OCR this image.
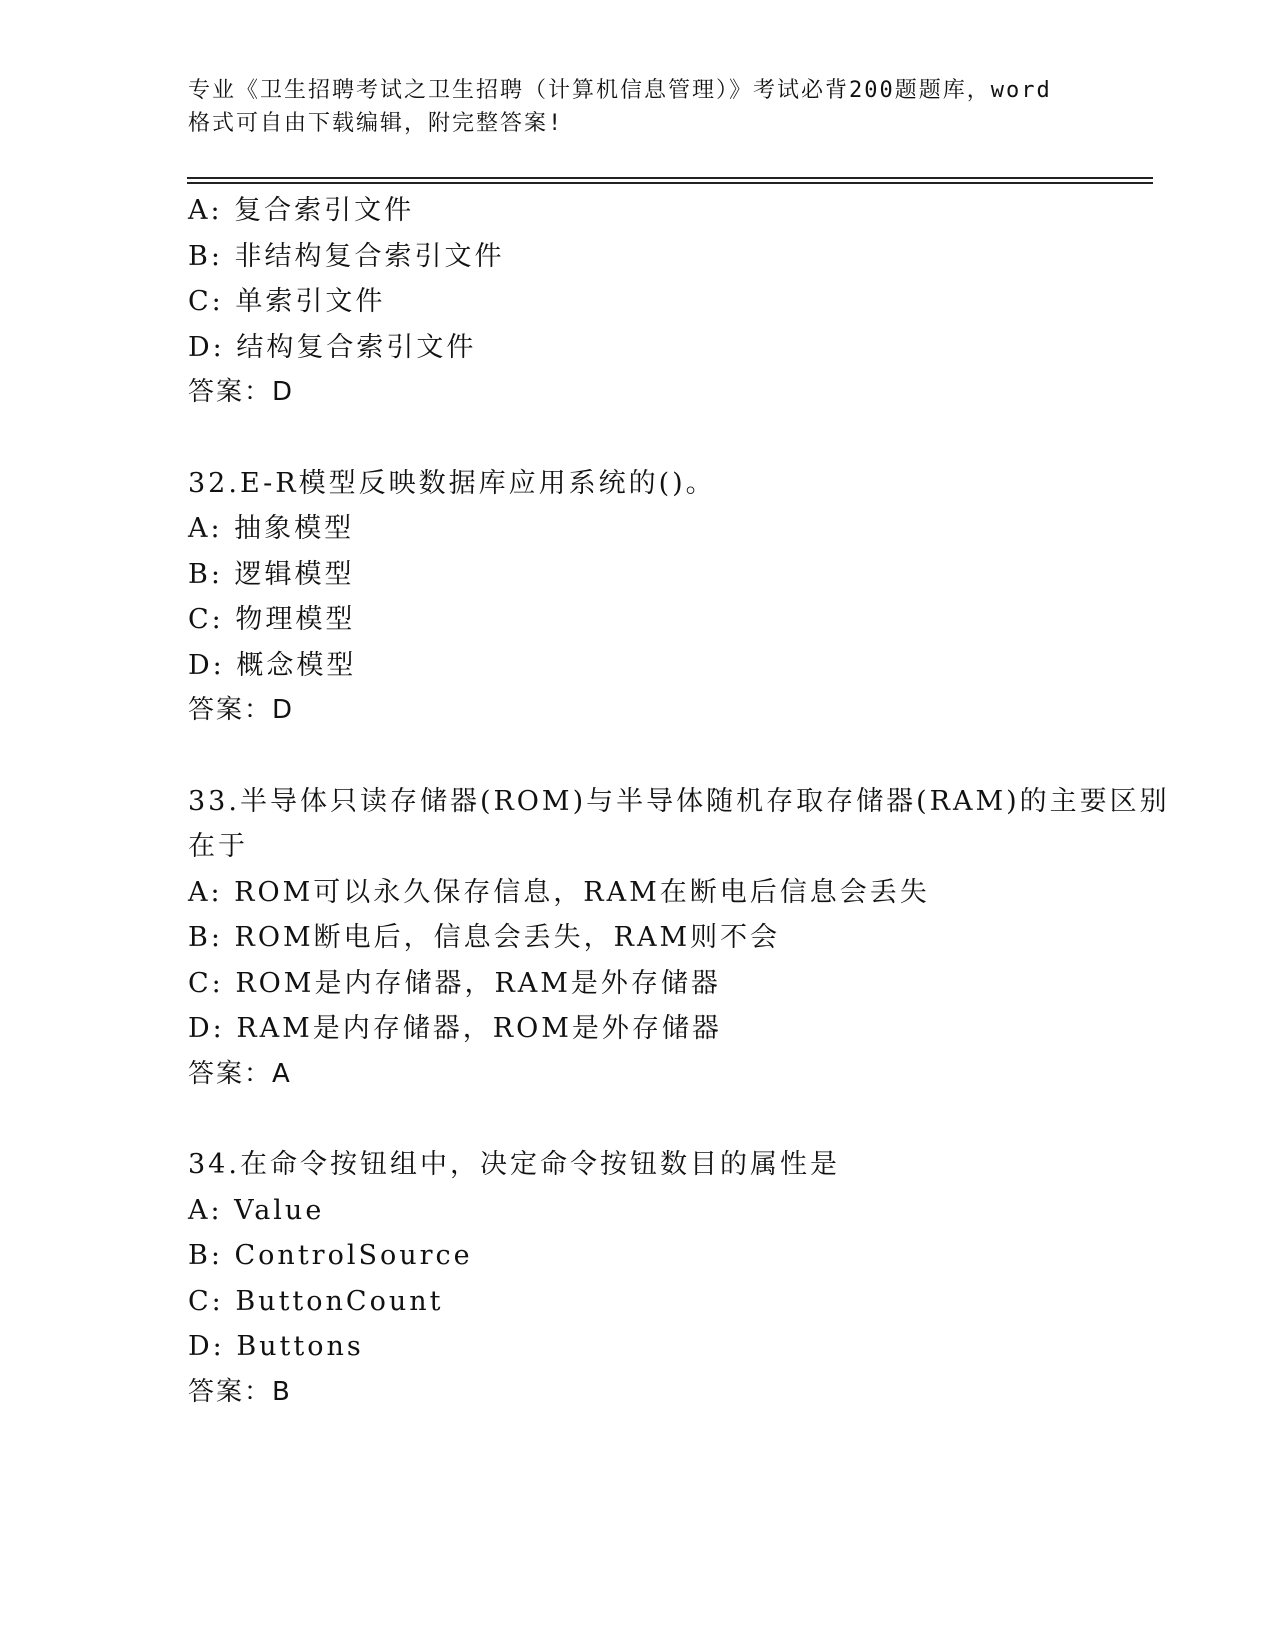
专业《卫生招聘考试之卫生招聘（计算机信息管理）》考试必背200题题库，word
格式可自由下载编辑，附完整答案!
A: 复合索引文件
B: 非结构复合索引文件
C: 单索引文件
D: 结构复合索引文件
答案：D
32.E-R模型反映数据库应用系统的()。
A: 抽象模型
B: 逻辑模型
C: 物理模型
D: 概念模型
答案：D
33.半导体只读存储器(ROM)与半导体随机存取存储器(RAM)的主要区别
在于
A: ROM可以永久保存信息，RAM在断电后信息会丢失
B: ROM断电后，信息会丢失，RAM则不会
C: ROM是内存储器，RAM是外存储器
D: RAM是内存储器，ROM是外存储器
答案：A
34.在命令按钮组中，决定命令按钮数目的属性是
A: Value
B: ControlSource
C: ButtonCount
D: Buttons
答案：B
